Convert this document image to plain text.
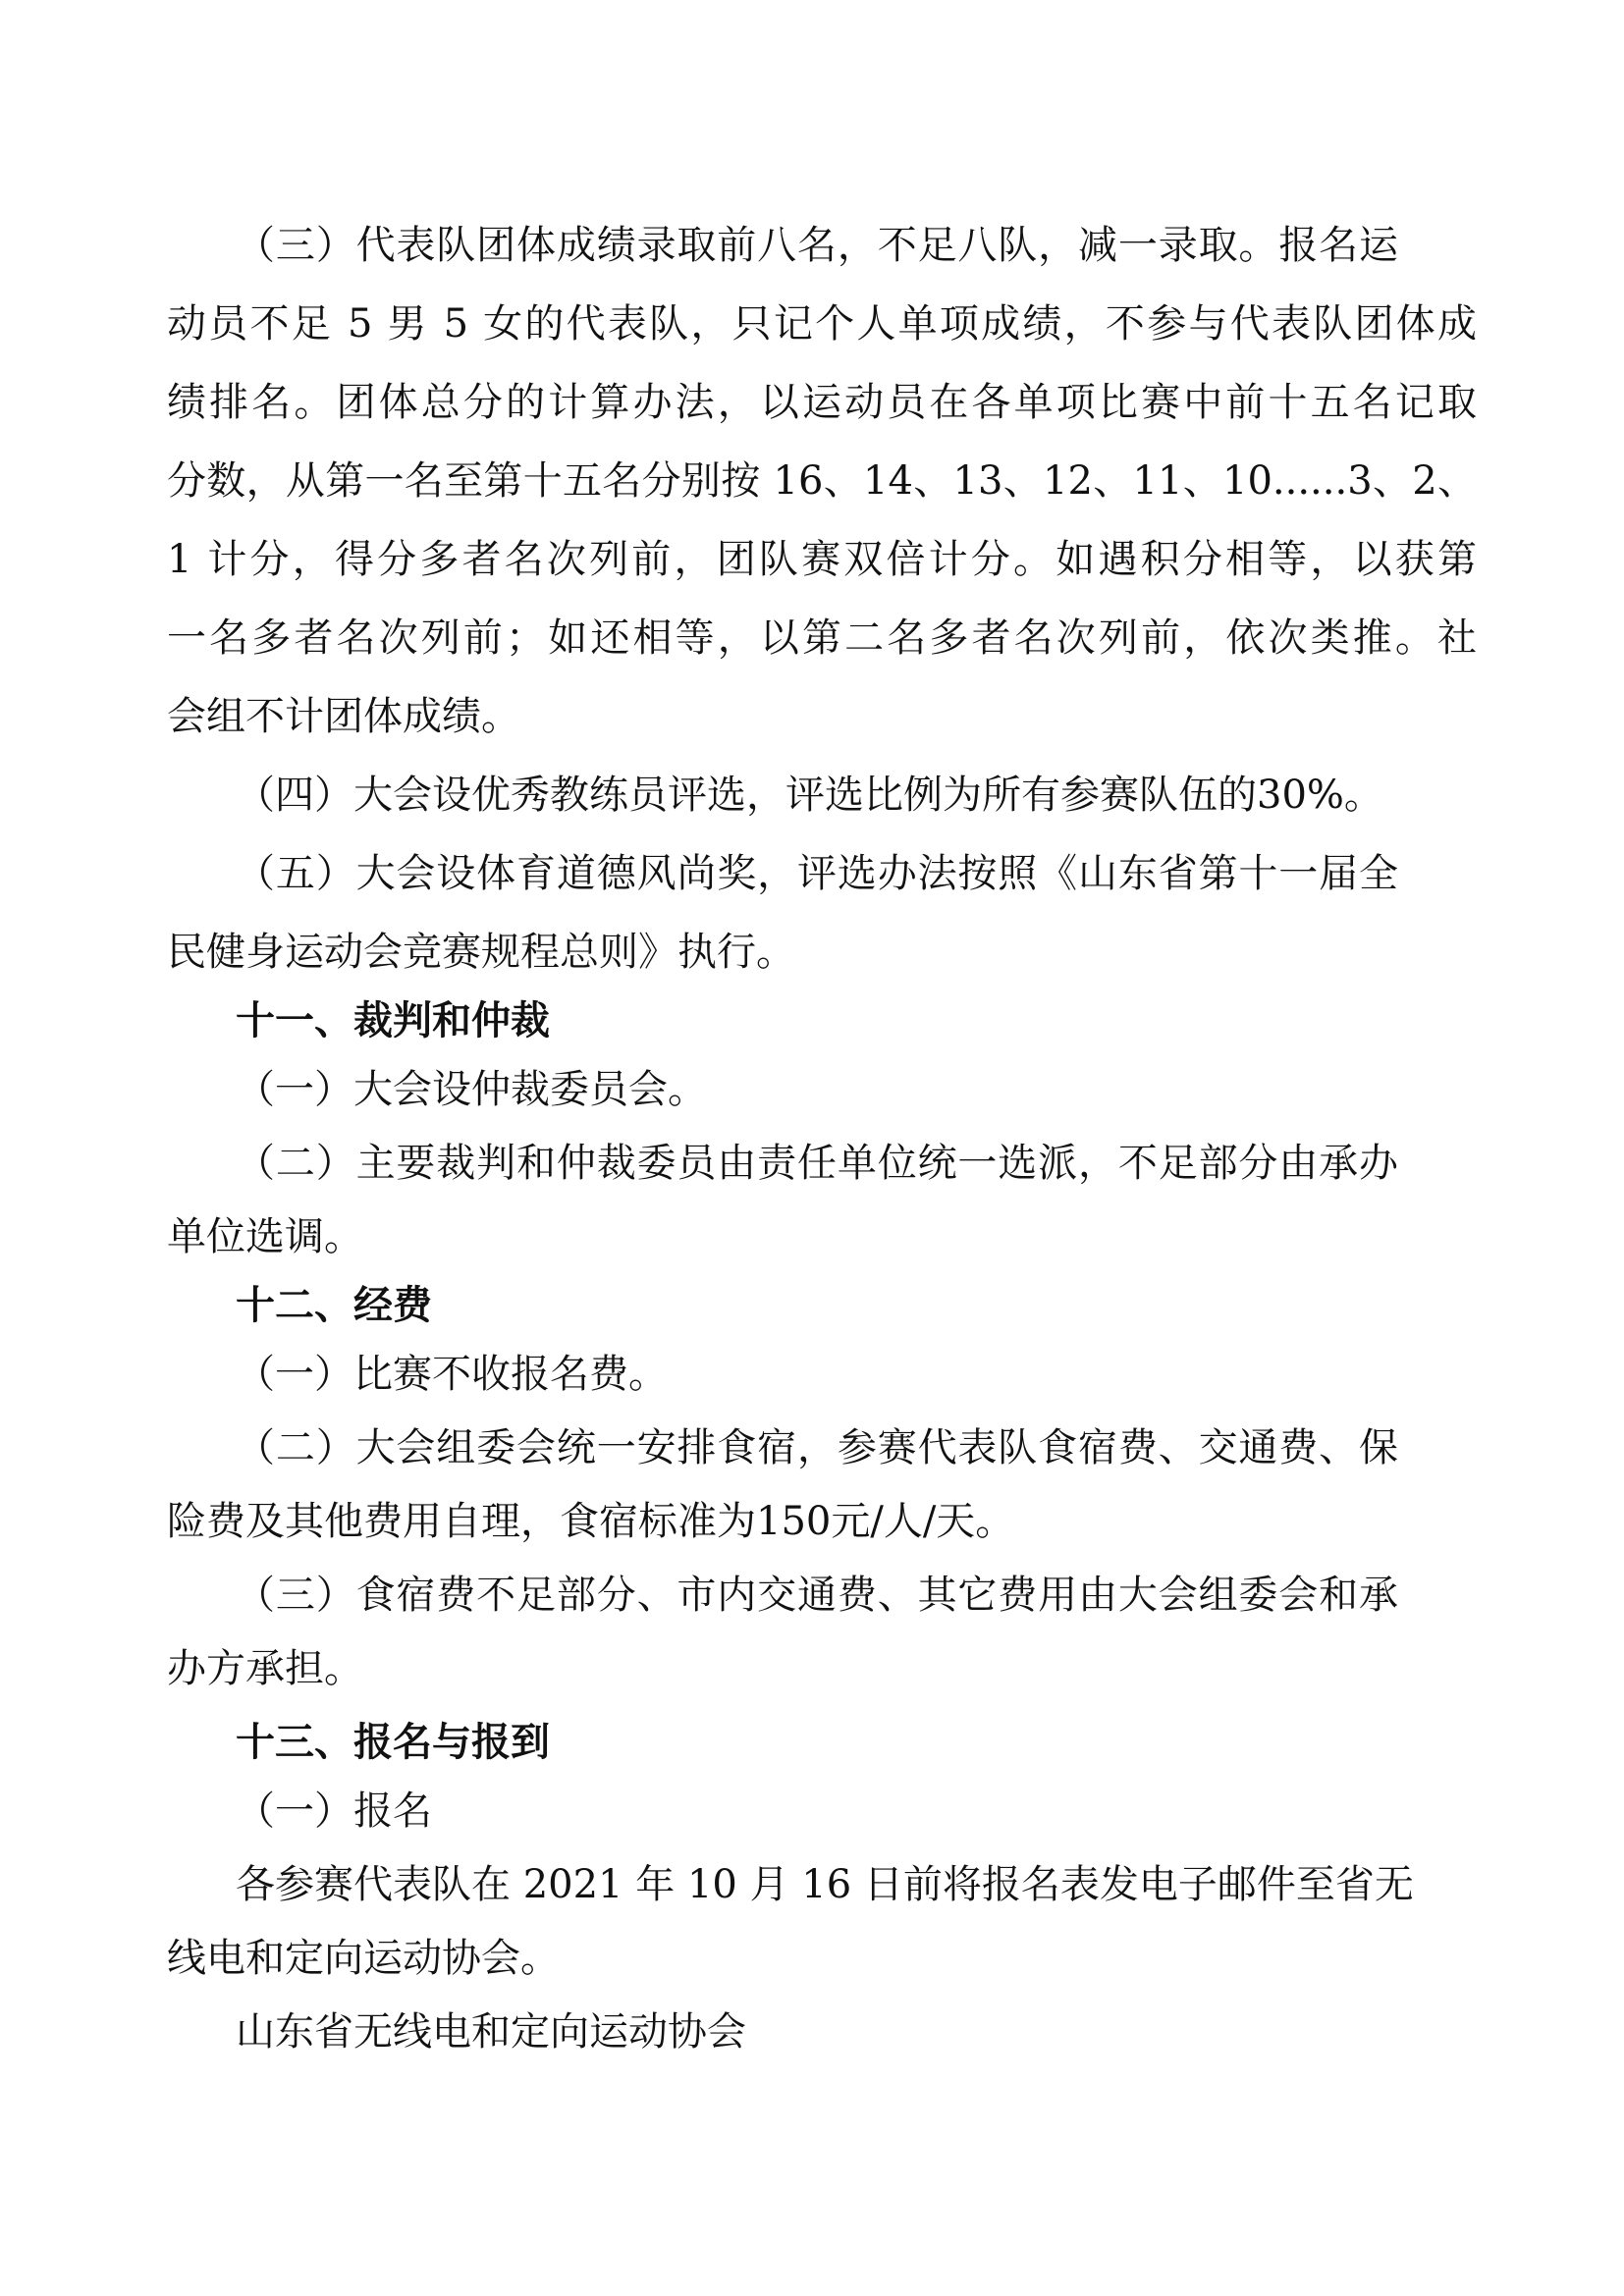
（三）代表队团体成绩录取前八名，不足八队，减一录取。报名运
动员不足 5 男 5 女的代表队，只记个人单项成绩，不参与代表队团体成
绩排名。团体总分的计算办法，以运动员在各单项比赛中前十五名记取
分数，从第一名至第十五名分别按 16、14、13、12、11、10......3、2、
1 计分，得分多者名次列前，团队赛双倍计分。如遇积分相等，以获第
一名多者名次列前；如还相等，以第二名多者名次列前，依次类推。社
会组不计团体成绩。
（四）大会设优秀教练员评选，评选比例为所有参赛队伍的30%。
（五）大会设体育道德风尚奖，评选办法按照《山东省第十一届全
民健身运动会竞赛规程总则》执行。
十一、裁判和仲裁
（一）大会设仲裁委员会。
（二）主要裁判和仲裁委员由责任单位统一选派，不足部分由承办
单位选调。
十二、经费
（一）比赛不收报名费。
（二）大会组委会统一安排食宿，参赛代表队食宿费、交通费、保
险费及其他费用自理，食宿标准为150元/人/天。
（三）食宿费不足部分、市内交通费、其它费用由大会组委会和承
办方承担。
十三、报名与报到
（一）报名
各参赛代表队在 2021 年 10 月 16 日前将报名表发电子邮件至省无
线电和定向运动协会。
山东省无线电和定向运动协会
